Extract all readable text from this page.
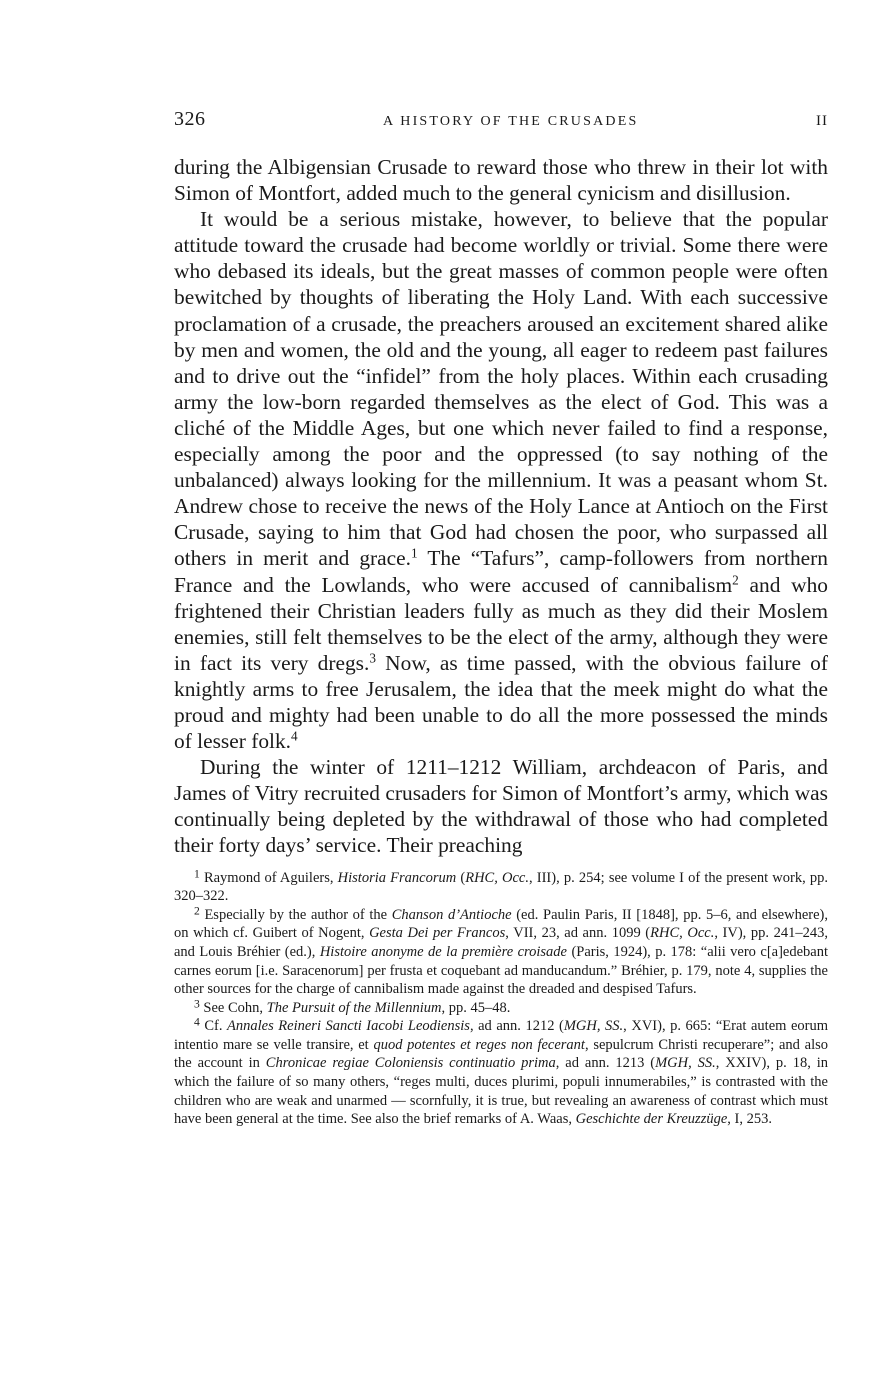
326	A HISTORY OF THE CRUSADES	II

during the Albigensian Crusade to reward those who threw in their lot with Simon of Montfort, added much to the general cynicism and disillusion.

It would be a serious mistake, however, to believe that the popular attitude toward the crusade had become worldly or trivial. Some there were who debased its ideals, but the great masses of common people were often bewitched by thoughts of liberating the Holy Land. With each successive proclamation of a crusade, the preachers aroused an excitement shared alike by men and women, the old and the young, all eager to redeem past failures and to drive out the “infidel” from the holy places. Within each crusading army the low-born regarded themselves as the elect of God. This was a cliché of the Middle Ages, but one which never failed to find a response, especially among the poor and the oppressed (to say nothing of the unbalanced) always looking for the millennium. It was a peasant whom St. Andrew chose to receive the news of the Holy Lance at Antioch on the First Crusade, saying to him that God had chosen the poor, who surpassed all others in merit and grace.$^1$ The “Tafurs”, camp-followers from northern France and the Lowlands, who were accused of cannibalism$^2$ and who frightened their Christian leaders fully as much as they did their Moslem enemies, still felt themselves to be the elect of the army, although they were in fact its very dregs.$^3$ Now, as time passed, with the obvious failure of knightly arms to free Jerusalem, the idea that the meek might do what the proud and mighty had been unable to do all the more possessed the minds of lesser folk.$^4$

During the winter of 1211–1212 William, archdeacon of Paris, and James of Vitry recruited crusaders for Simon of Montfort’s army, which was continually being depleted by the withdrawal of those who had completed their forty days’ service. Their preaching

$^1$ Raymond of Aguilers, Historia Francorum (RHC, Occ., III), p. 254; see volume I of the present work, pp. 320–322.

$^2$ Especially by the author of the Chanson d’Antioche (ed. Paulin Paris, II [1848], pp. 5–6, and elsewhere), on which cf. Guibert of Nogent, Gesta Dei per Francos, VII, 23, ad ann. 1099 (RHC, Occ., IV), pp. 241–243, and Louis Bréhier (ed.), Histoire anonyme de la première croisade (Paris, 1924), p. 178: “alii vero c[a]edebant carnes eorum [i.e. Saracenorum] per frusta et coquebant ad manducandum.” Bréhier, p. 179, note 4, supplies the other sources for the charge of cannibalism made against the dreaded and despised Tafurs.

$^3$ See Cohn, The Pursuit of the Millennium, pp. 45–48.

$^4$ Cf. Annales Reineri Sancti Iacobi Leodiensis, ad ann. 1212 (MGH, SS., XVI), p. 665: “Erat autem eorum intentio mare se velle transire, et quod potentes et reges non fecerant, sepulcrum Christi recuperare”; and also the account in Chronicae regiae Coloniensis continuatio prima, ad ann. 1213 (MGH, SS., XXIV), p. 18, in which the failure of so many others, “reges multi, duces plurimi, populi innumerabiles,” is contrasted with the children who are weak and unarmed — scornfully, it is true, but revealing an awareness of contrast which must have been general at the time. See also the brief remarks of A. Waas, Geschichte der Kreuzzüge, I, 253.
